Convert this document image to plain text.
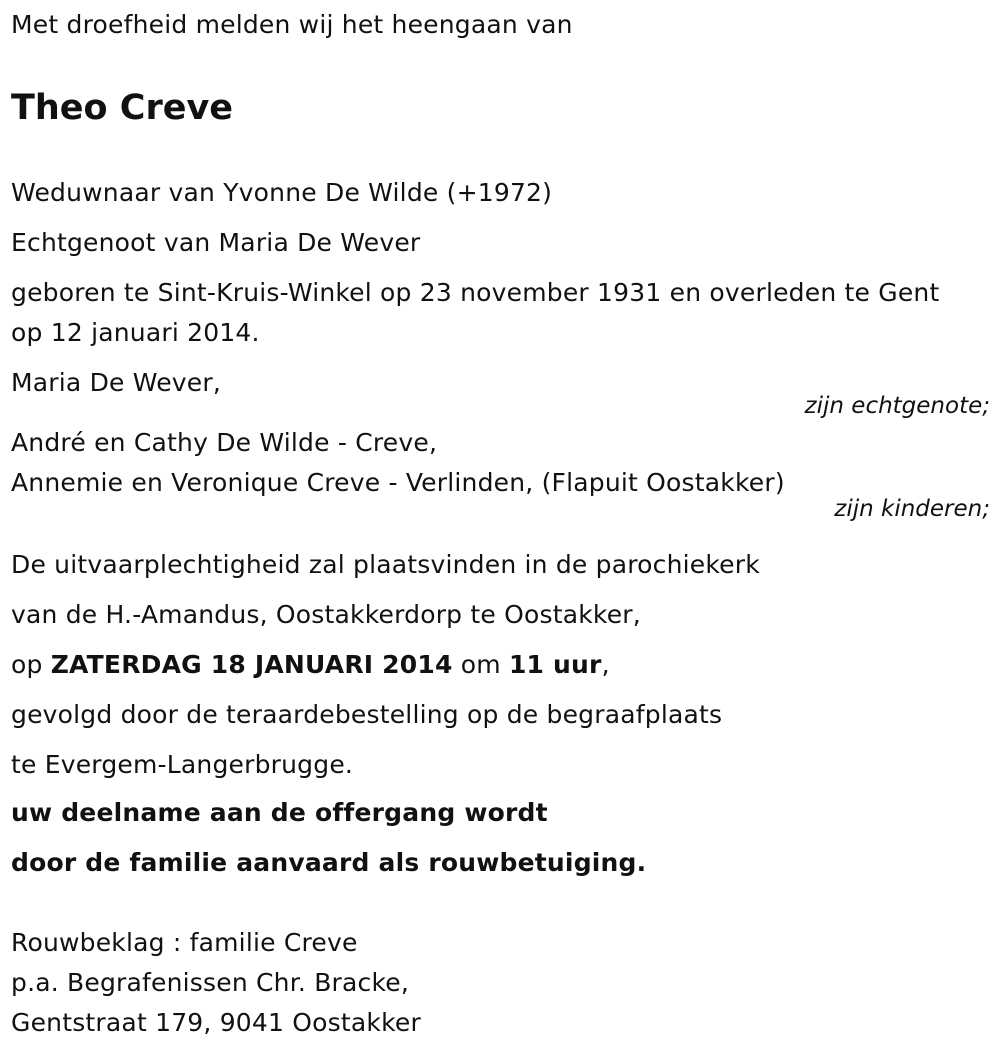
Met droefheid melden wij het heengaan van
Theo Creve
Weduwnaar van Yvonne De Wilde (+1972)
Echtgenoot van Maria De Wever
geboren te Sint-Kruis-Winkel op 23 november 1931 en overleden te Gent
op 12 januari 2014.
Maria De Wever,
zijn echtgenote;
André en Cathy De Wilde - Creve,
Annemie en Veronique Creve - Verlinden, (Flapuit Oostakker)
zijn kinderen;
De uitvaarplechtigheid zal plaatsvinden in de parochiekerk
van de H.-Amandus, Oostakkerdorp te Oostakker,
op ZATERDAG 18 JANUARI 2014 om 11 uur,
gevolgd door de teraardebestelling op de begraafplaats
te Evergem-Langerbrugge.
uw deelname aan de offergang wordt
door de familie aanvaard als rouwbetuiging.
Rouwbeklag : familie Creve
p.a. Begrafenissen Chr. Bracke,
Gentstraat 179, 9041 Oostakker
